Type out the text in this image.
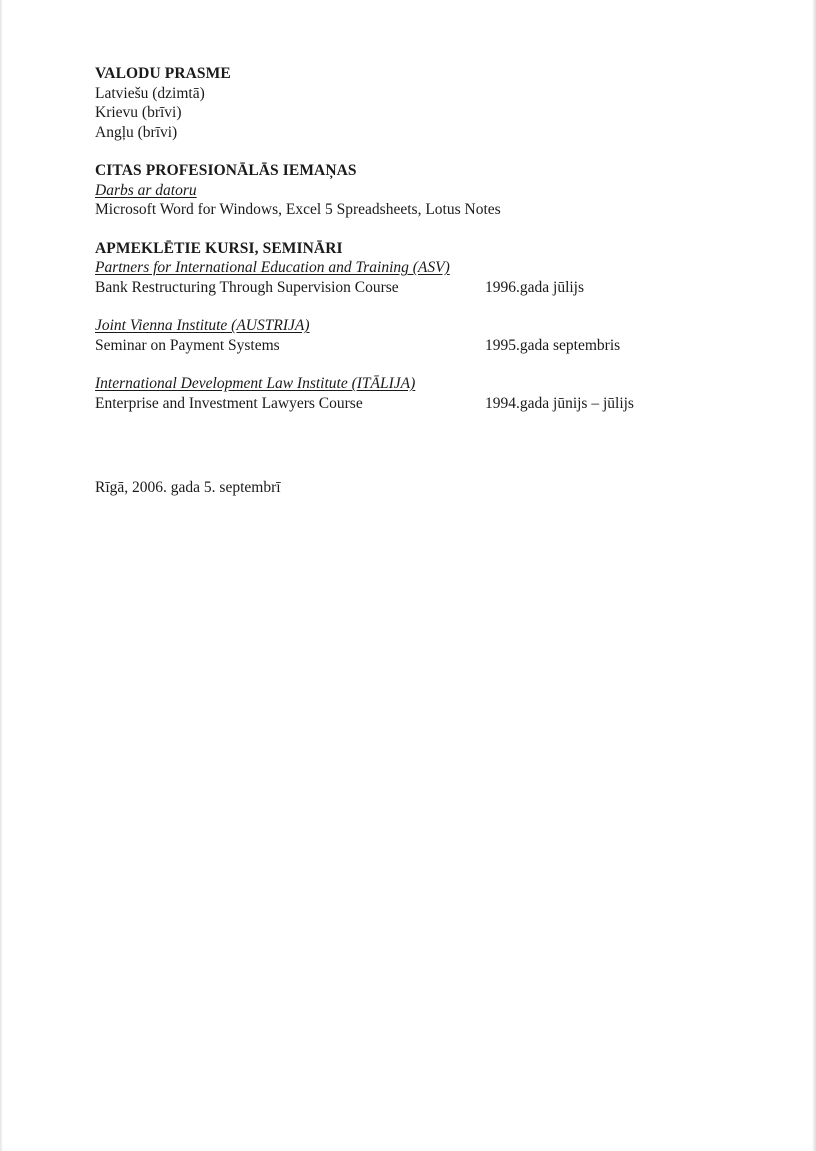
VALODU PRASME
Latviešu (dzimtā)
Krievu (brīvi)
Angļu (brīvi)
CITAS PROFESIONĀLĀS IEMAŅAS
Darbs ar datoru
Microsoft Word for Windows, Excel 5 Spreadsheets, Lotus Notes
APMEKLĒTIE KURSI, SEMINĀRI
Partners for International Education and Training (ASV)
Bank Restructuring Through Supervision Course	1996.gada jūlijs
Joint Vienna Institute (AUSTRIJA)
Seminar on Payment Systems	1995.gada septembris
International Development Law Institute (ITĀLIJA)
Enterprise and Investment Lawyers Course	1994.gada jūnijs – jūlijs
Rīgā, 2006. gada 5. septembrī
